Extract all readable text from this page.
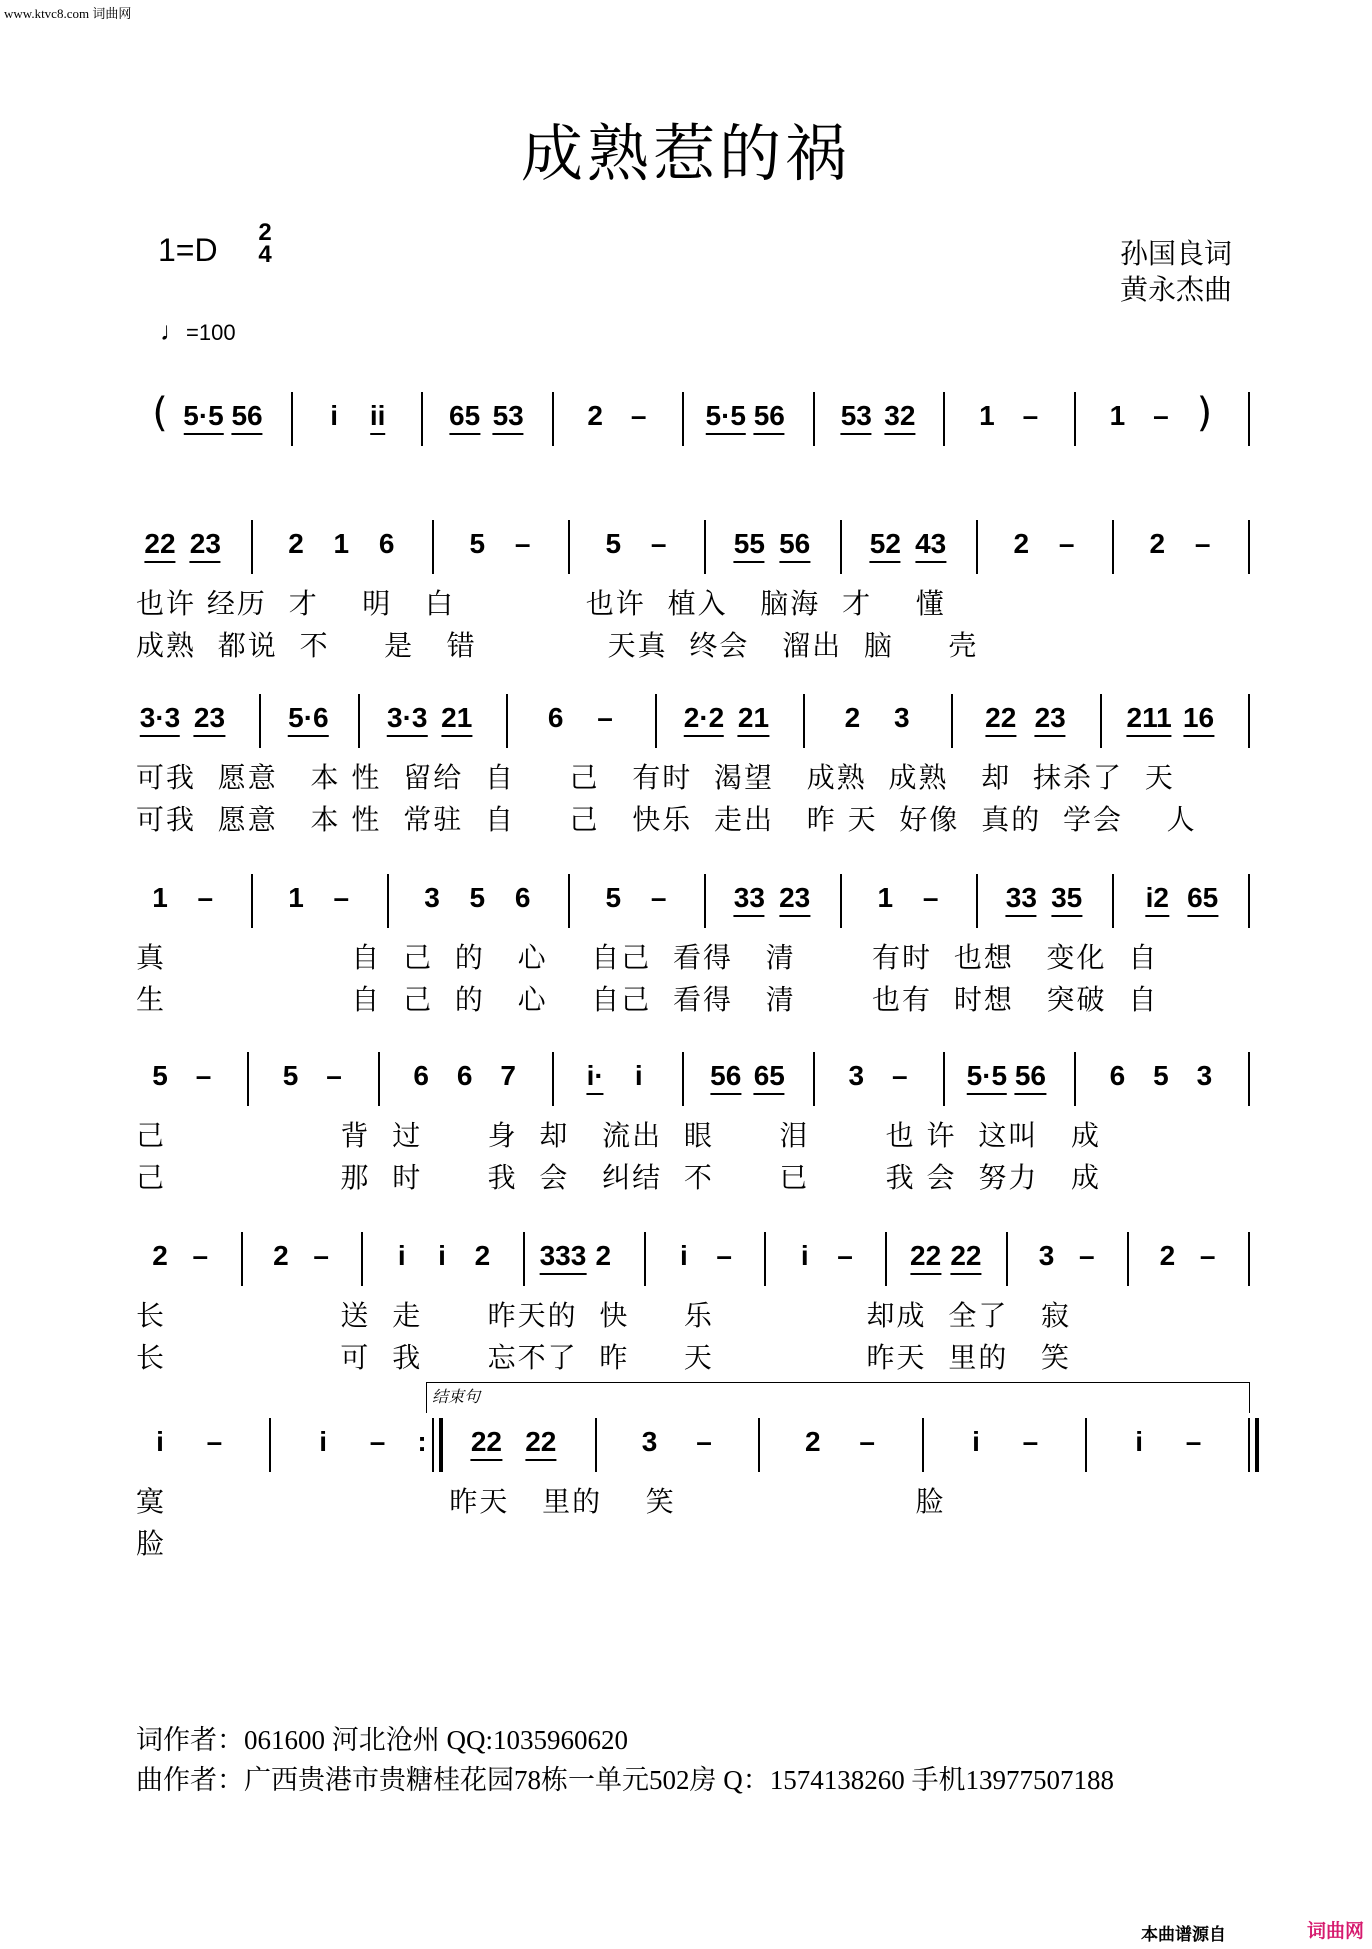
www.ktvc8.com 词曲网
成熟惹的祸
1=D 2
4
♩=100
孙国良词
黄永杰曲
( 5·5 56 i ii 65 53 2 – 5·5 56 53 32 1 –	1 – )
22 23 2 1 6	5 –	5 – 55 56 52 43 2 –	2 –
也许 经历  才    明   白            也许  植入   脑海  才    懂
成熟  都说  不     是   错            天真  终会   溜出  脑     壳
3·3 23 5·6 3·3 21	6 –	2·2 21	2 3	22 23 211 16
可我  愿意   本 性  留给  自     己   有时  渴望   成熟  成熟   却  抹杀了  天
可我  愿意   本 性  常驻  自     己   快乐  走出   昨 天  好像  真的  学会    人
1 –	1 –	3 5 6	5 – 33 23 1 – 33 35 i2 65
真                 自  己  的   心    自己  看得   清       有时  也想   变化  自
生                 自  己  的   心    自己  看得   清       也有  时想   突破  自
5 –	5 –	6 6 7	i· i 56 65 3 – 5·5 56 6 5 3
己                背  过      身  却   流出  眼      泪       也 许  这叫   成
己                那  时      我  会   纠结  不      已       我 会  努力   成
2 – 2 – i i 2 333 2 i – i – 22 22 3 – 2 –
长                送  走      昨天的  快     乐              却成  全了   寂
长                可  我      忘不了  昨     天              昨天  里的   笑
i –	i – : 22 22	3 –	2 –	i –	i –
结束句
寞                          昨天   里的    笑                      脸
脸
词作者：061600 河北沧州 QQ:1035960620
曲作者：广西贵港市贵糖桂花园78栋一单元502房 Q：1574138260 手机13977507188
本曲谱源自	词曲网
